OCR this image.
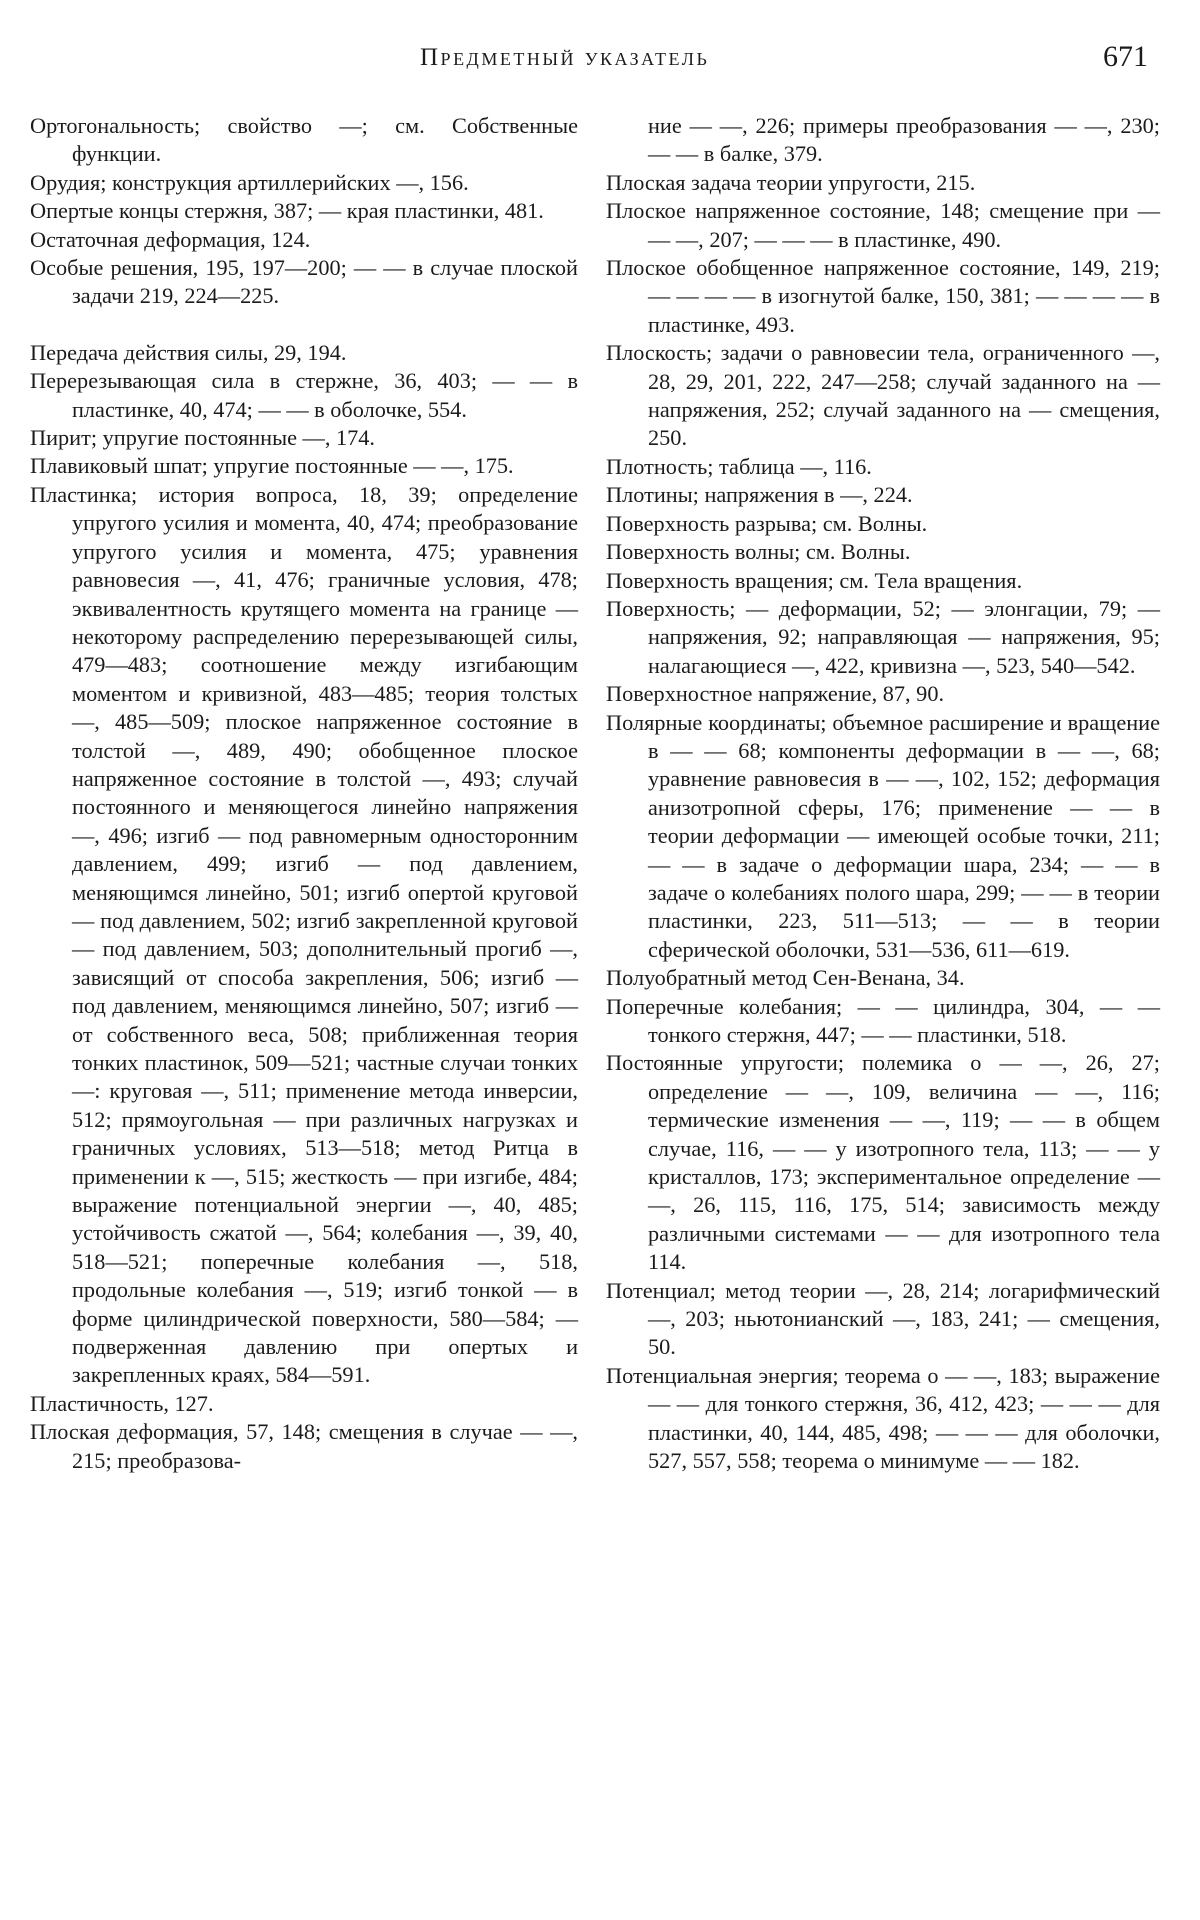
Предметный указатель	671

Ортогональность; свойство —; см. Собственные функции.

Орудия; конструкция артиллерийских —, 156.

Опертые концы стержня, 387; — края пластинки, 481.

Остаточная деформация, 124.

Особые решения, 195, 197—200; — — в случае плоской задачи 219, 224—225.

Передача действия силы, 29, 194.

Перерезывающая сила в стержне, 36, 403; — — в пластинке, 40, 474; — — в оболочке, 554.

Пирит; упругие постоянные —, 174.

Плавиковый шпат; упругие постоянные — —, 175.

Пластинка; история вопроса, 18, 39; определение упругого усилия и момента, 40, 474; преобразование упругого усилия и момента, 475; уравнения равновесия —, 41, 476; граничные условия, 478; эквивалентность крутящего момента на границе — некоторому распределению перерезывающей силы, 479—483; соотношение между изгибающим моментом и кривизной, 483—485; теория толстых —, 485—509; плоское напряженное состояние в толстой —, 489, 490; обобщенное плоское напряженное состояние в толстой —, 493; случай постоянного и меняющегося линейно напряжения —, 496; изгиб — под равномерным односторонним давлением, 499; изгиб — под давлением, меняющимся линейно, 501; изгиб опертой круговой — под давлением, 502; изгиб закрепленной круговой — под давлением, 503; дополнительный прогиб —, зависящий от способа закрепления, 506; изгиб — под давлением, меняющимся линейно, 507; изгиб — от собственного веса, 508; приближенная теория тонких пластинок, 509—521; частные случаи тонких —: круговая —, 511; применение метода инверсии, 512; прямоугольная — при различных нагрузках и граничных условиях, 513—518; метод Ритца в применении к —, 515; жесткость — при изгибе, 484; выражение потенциальной энергии —, 40, 485; устойчивость сжатой —, 564; колебания —, 39, 40, 518—521; поперечные колебания —, 518, продольные колебания —, 519; изгиб тонкой — в форме цилиндрической поверхности, 580—584; — подверженная давлению при опертых и закрепленных краях, 584—591.

Пластичность, 127.

Плоская деформация, 57, 148; смещения в случае — —, 215; преобразова-

ние — —, 226; примеры преобразования — —, 230; — — в балке, 379.

Плоская задача теории упругости, 215.

Плоское напряженное состояние, 148; смещение при — — —, 207; — — — в пластинке, 490.

Плоское обобщенное напряженное состояние, 149, 219; — — — — в изогнутой балке, 150, 381; — — — — в пластинке, 493.

Плоскость; задачи о равновесии тела, ограниченного —, 28, 29, 201, 222, 247—258; случай заданного на — напряжения, 252; случай заданного на — смещения, 250.

Плотность; таблица —, 116.

Плотины; напряжения в —, 224.

Поверхность разрыва; см. Волны.

Поверхность волны; см. Волны.

Поверхность вращения; см. Тела вращения.

Поверхность; — деформации, 52; — элонгации, 79; — напряжения, 92; направляющая — напряжения, 95; налагающиеся —, 422, кривизна —, 523, 540—542.

Поверхностное напряжение, 87, 90.

Полярные координаты; объемное расширение и вращение в — — 68; компоненты деформации в — —, 68; уравнение равновесия в — —, 102, 152; деформация анизотропной сферы, 176; применение — — в теории деформации — имеющей особые точки, 211; — — в задаче о деформации шара, 234; — — в задаче о колебаниях полого шара, 299; — — в теории пластинки, 223, 511—513; — — в теории сферической оболочки, 531—536, 611—619.

Полуобратный метод Сен-Венана, 34.

Поперечные колебания; — — цилиндра, 304, — — тонкого стержня, 447; — — пластинки, 518.

Постоянные упругости; полемика о — —, 26, 27; определение — —, 109, величина — —, 116; термические изменения — —, 119; — — в общем случае, 116, — — у изотропного тела, 113; — — у кристаллов, 173; экспериментальное определение — —, 26, 115, 116, 175, 514; зависимость между различными системами — — для изотропного тела 114.

Потенциал; метод теории —, 28, 214; логарифмический —, 203; ньютонианский —, 183, 241; — смещения, 50.

Потенциальная энергия; теорема о — —, 183; выражение — — для тонкого стержня, 36, 412, 423; — — — для пластинки, 40, 144, 485, 498; — — — для оболочки, 527, 557, 558; теорема о минимуме — — 182.
